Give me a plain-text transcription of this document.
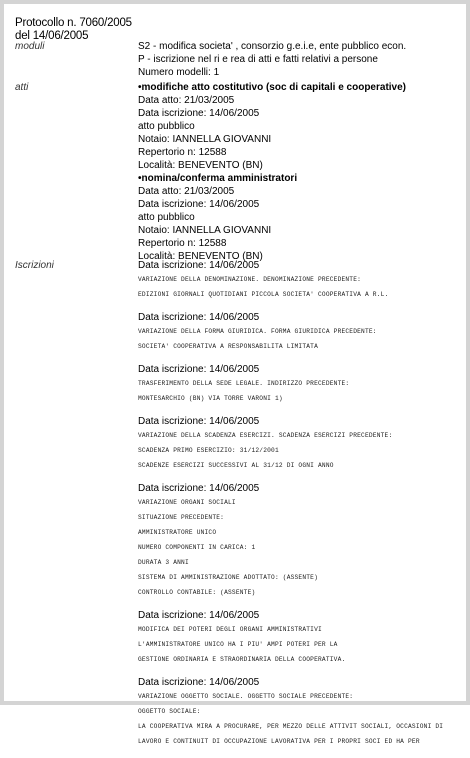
Protocollo n. 7060/2005
del 14/06/2005
moduli	S2 - modifica societa' , consorzio g.e.i.e, ente pubblico econ.
P - iscrizione nel ri e rea di atti e fatti relativi a persone
Numero modelli: 1
atti
•	modifiche atto costitutivo (soc di capitali e cooperative)
Data atto: 21/03/2005
Data iscrizione: 14/06/2005
atto pubblico
Notaio: IANNELLA GIOVANNI
Repertorio n: 12588
Località: BENEVENTO (BN)
• nomina/conferma amministratori
Data atto: 21/03/2005
Data iscrizione: 14/06/2005
atto pubblico
Notaio: IANNELLA GIOVANNI
Repertorio n: 12588
Località: BENEVENTO (BN)
Iscrizioni	Data iscrizione: 14/06/2005
VARIAZIONE DELLA DENOMINAZIONE. DENOMINAZIONE PRECEDENTE:
EDIZIONI GIORNALI QUOTIDIANI PICCOLA SOCIETA' COOPERATIVA A R.L.
Data iscrizione: 14/06/2005
VARIAZIONE DELLA FORMA GIURIDICA. FORMA GIURIDICA PRECEDENTE:
SOCIETA' COOPERATIVA A RESPONSABILITA LIMITATA
Data iscrizione: 14/06/2005
TRASFERIMENTO DELLA SEDE LEGALE. INDIRIZZO PRECEDENTE:
MONTESARCHIO (BN) VIA TORRE VARONI 1)
Data iscrizione: 14/06/2005
VARIAZIONE DELLA SCADENZA ESERCIZI. SCADENZA ESERCIZI PRECEDENTE:
SCADENZA PRIMO ESERCIZIO: 31/12/2001
SCADENZE ESERCIZI SUCCESSIVI AL 31/12 DI OGNI ANNO
Data iscrizione: 14/06/2005
VARIAZIONE ORGANI SOCIALI
SITUAZIONE PRECEDENTE:
AMMINISTRATORE UNICO
NUMERO COMPONENTI IN CARICA: 1
DURATA 3 ANNI
SISTEMA DI AMMINISTRAZIONE ADOTTATO: (ASSENTE)
CONTROLLO CONTABILE: (ASSENTE)
Data iscrizione: 14/06/2005
MODIFICA DEI POTERI DEGLI ORGANI AMMINISTRATIVI
L'AMMINISTRATORE UNICO HA I PIU' AMPI POTERI PER LA
GESTIONE ORDINARIA E STRAORDINARIA DELLA COOPERATIVA.
Data iscrizione: 14/06/2005
VARIAZIONE OGGETTO SOCIALE. OGGETTO SOCIALE PRECEDENTE:
OGGETTO SOCIALE:
LA COOPERATIVA MIRA A PROCURARE, PER MEZZO DELLE ATTIVIT SOCIALI, OCCASIONI DI
LAVORO E CONTINUIT DI OCCUPAZIONE LAVORATIVA PER I PROPRI SOCI ED HA PER
